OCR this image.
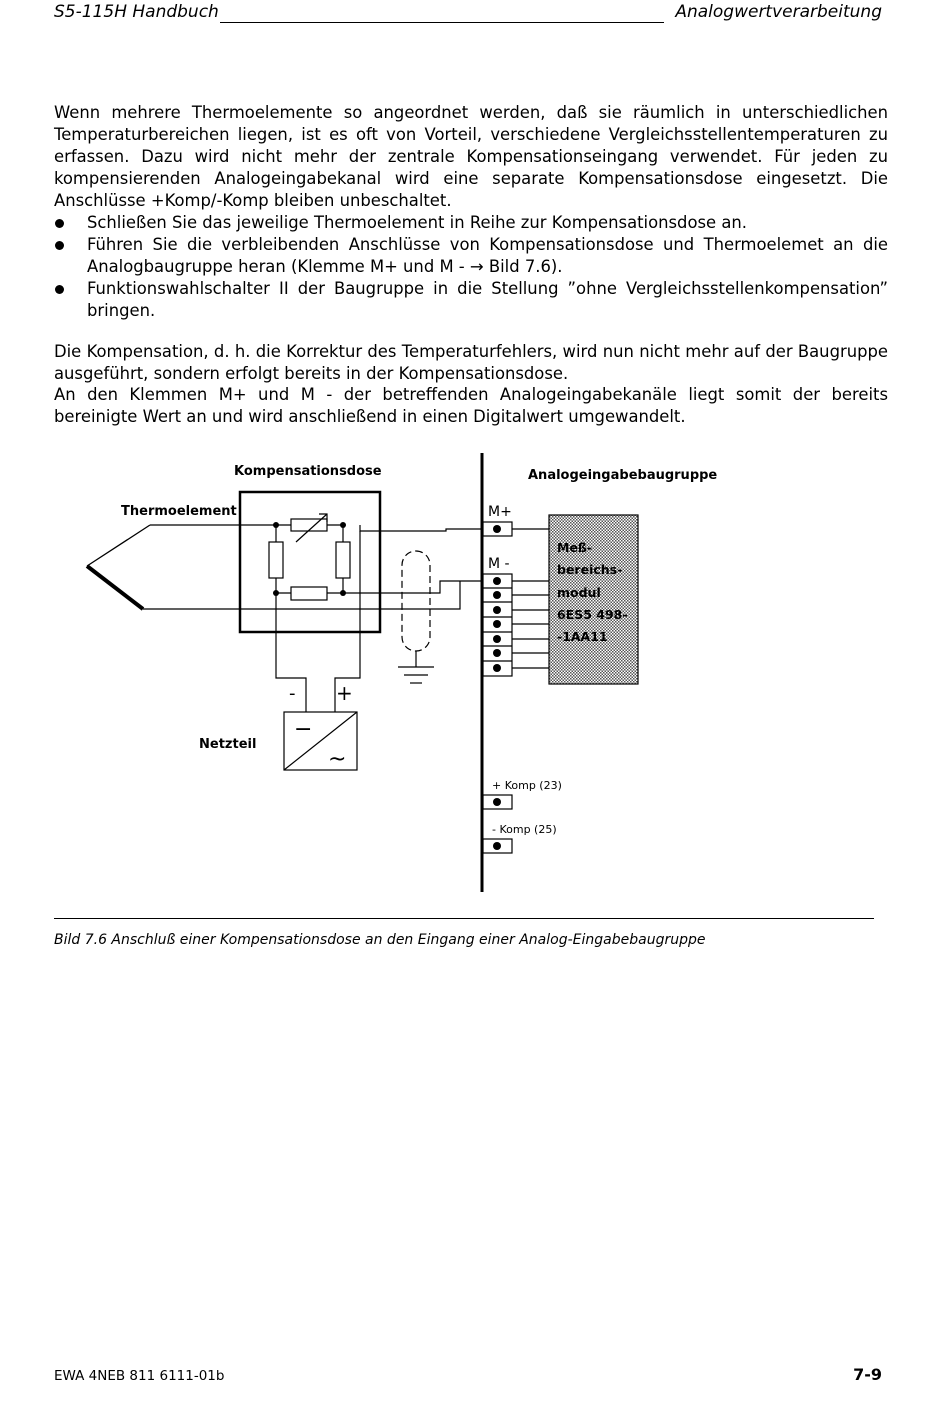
S5-115H Handbuch	Analogwertverarbeitung
Wenn mehrere Thermoelemente so angeordnet werden, daß sie räumlich in unterschiedlichen Temperaturbereichen liegen, ist es oft von Vorteil, verschiedene Vergleichsstellentemperaturen zu erfassen. Dazu wird nicht mehr der zentrale Kompensationseingang verwendet. Für jeden zu kompensierenden Analogeingabekanal wird eine separate Kompensationsdose eingesetzt. Die Anschlüsse +Komp/-Komp bleiben unbeschaltet.
Schließen Sie das jeweilige Thermoelement in Reihe zur Kompensationsdose an.
Führen Sie die verbleibenden Anschlüsse von Kompensationsdose und Thermoelemet an die Analogbaugruppe heran (Klemme M+ und M - → Bild 7.6).
Funktionswahlschalter II der Baugruppe in die Stellung ”ohne Vergleichsstellenkompensation” bringen.
Die Kompensation, d. h. die Korrektur des Temperaturfehlers, wird nun nicht mehr auf der Baugruppe ausgeführt, sondern erfolgt bereits in der Kompensationsdose.
An den Klemmen M+ und M - der betreffenden Analogeingabekanäle liegt somit der bereits bereinigte Wert an und wird anschließend in einen Digitalwert umgewandelt.
Kompensationsdose
Thermoelement
Analogeingabebaugruppe
Netzteil
- +
−
~
M+
M -
Meß-
bereichs-
modul
6ES5 498-
-1AA11
+ Komp (23)
- Komp (25)
Bild 7.6 Anschluß einer Kompensationsdose an den Eingang einer Analog-Eingabebaugruppe
EWA 4NEB 811 6111-01b	7-9
